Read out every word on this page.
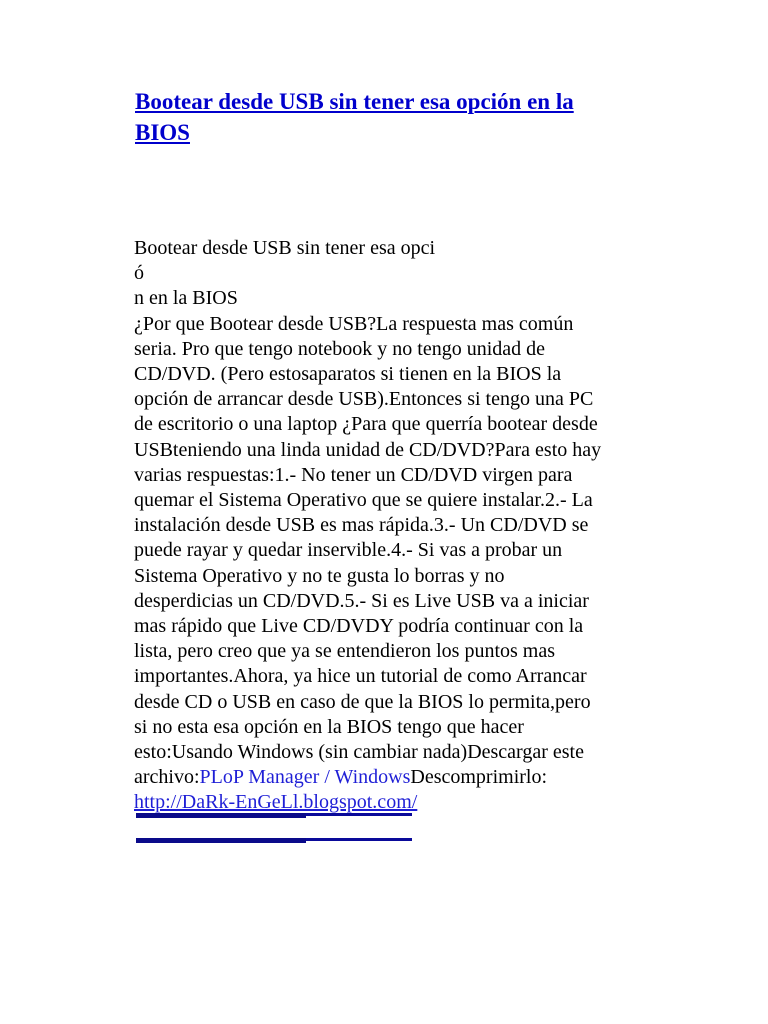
Bootear desde USB sin tener esa opción en la BIOS
Bootear desde USB sin tener esa opci
ó
n en la BIOS
¿Por que Bootear desde USB?La respuesta mas común
seria. Pro que tengo notebook y no tengo unidad de
CD/DVD. (Pero estosaparatos si tienen en la BIOS la
opción de arrancar desde USB).Entonces si tengo una PC
de escritorio o una laptop ¿Para que querría bootear desde
USBteniendo una linda unidad de CD/DVD?Para esto hay
varias respuestas:1.- No tener un CD/DVD virgen para
quemar el Sistema Operativo que se quiere instalar.2.- La
instalación desde USB es mas rápida.3.- Un CD/DVD se
puede rayar y quedar inservible.4.- Si vas a probar un
Sistema Operativo y no te gusta lo borras y no
desperdicias un CD/DVD.5.- Si es Live USB va a iniciar
mas rápido que Live CD/DVDY podría continuar con la
lista, pero creo que ya se entendieron los puntos mas
importantes.Ahora, ya hice un tutorial de como Arrancar
desde CD o USB en caso de que la BIOS lo permita,pero
si no esta esa opción en la BIOS tengo que hacer
esto:Usando Windows (sin cambiar nada)Descargar este
archivo:PLoP Manager / WindowsDescomprimirlo:
http://DaRk-EnGeLl.blogspot.com/
